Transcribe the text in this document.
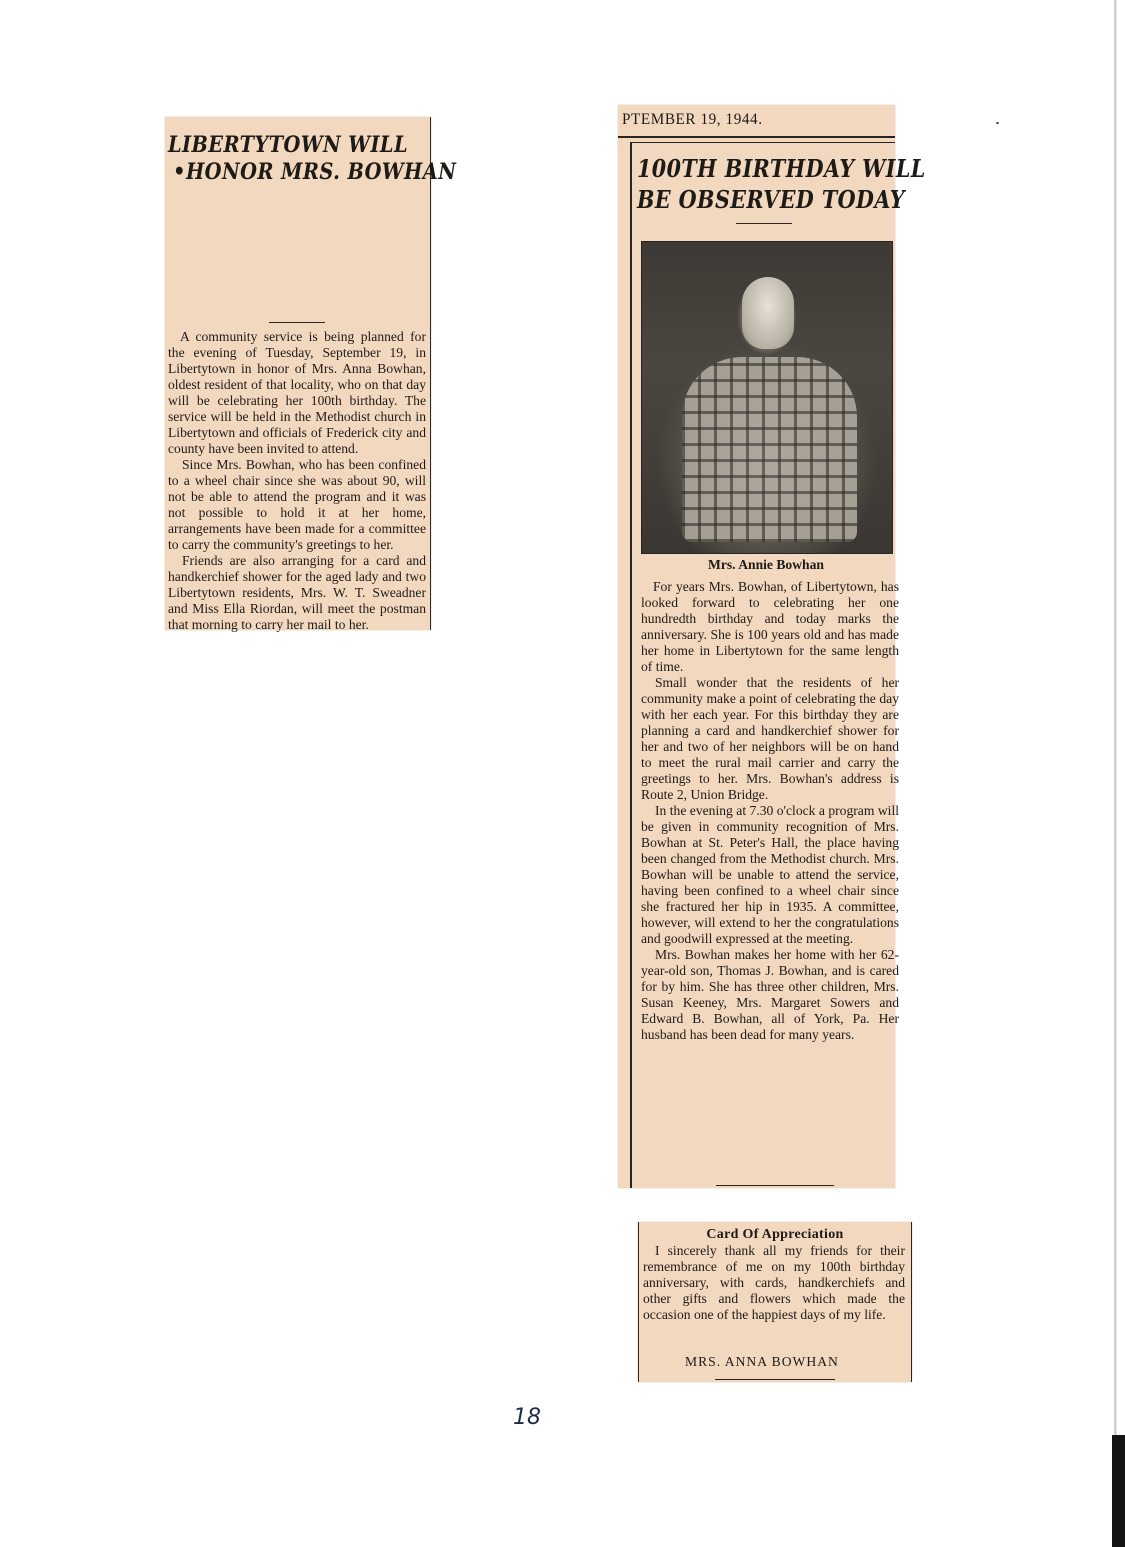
LIBERTYTOWN WILL
•HONOR MRS. BOWHAN

A community service is being planned for the evening of Tuesday, September 19, in Libertytown in honor of Mrs. Anna Bowhan, oldest resident of that locality, who on that day will be celebrating her 100th birthday. The service will be held in the Methodist church in Libertytown and officials of Frederick city and county have been invited to attend.

Since Mrs. Bowhan, who has been confined to a wheel chair since she was about 90, will not be able to attend the program and it was not possible to hold it at her home, arrangements have been made for a committee to carry the community's greetings to her.

Friends are also arranging for a card and handkerchief shower for the aged lady and two Libertytown residents, Mrs. W. T. Sweadner and Miss Ella Riordan, will meet the postman that morning to carry her mail to her.

PTEMBER 19, 1944.
100TH BIRTHDAY WILL
BE OBSERVED TODAY
Mrs. Annie Bowhan

For years Mrs. Bowhan, of Libertytown, has looked forward to celebrating her one hundredth birthday and today marks the anniversary. She is 100 years old and has made her home in Libertytown for the same length of time.

Small wonder that the residents of her community make a point of celebrating the day with her each year. For this birthday they are planning a card and handkerchief shower for her and two of her neighbors will be on hand to meet the rural mail carrier and carry the greetings to her. Mrs. Bowhan's address is Route 2, Union Bridge.

In the evening at 7.30 o'clock a program will be given in community recognition of Mrs. Bowhan at St. Peter's Hall, the place having been changed from the Methodist church. Mrs. Bowhan will be unable to attend the service, having been confined to a wheel chair since she fractured her hip in 1935. A committee, however, will extend to her the congratulations and goodwill expressed at the meeting.

Mrs. Bowhan makes her home with her 62-year-old son, Thomas J. Bowhan, and is cared for by him. She has three other children, Mrs. Susan Keeney, Mrs. Margaret Sowers and Edward B. Bowhan, all of York, Pa. Her husband has been dead for many years.

Card Of Appreciation

I sincerely thank all my friends for their remembrance of me on my 100th birthday anniversary, with cards, handkerchiefs and other gifts and flowers which made the occasion one of the happiest days of my life.

MRS. ANNA BOWHAN
18
